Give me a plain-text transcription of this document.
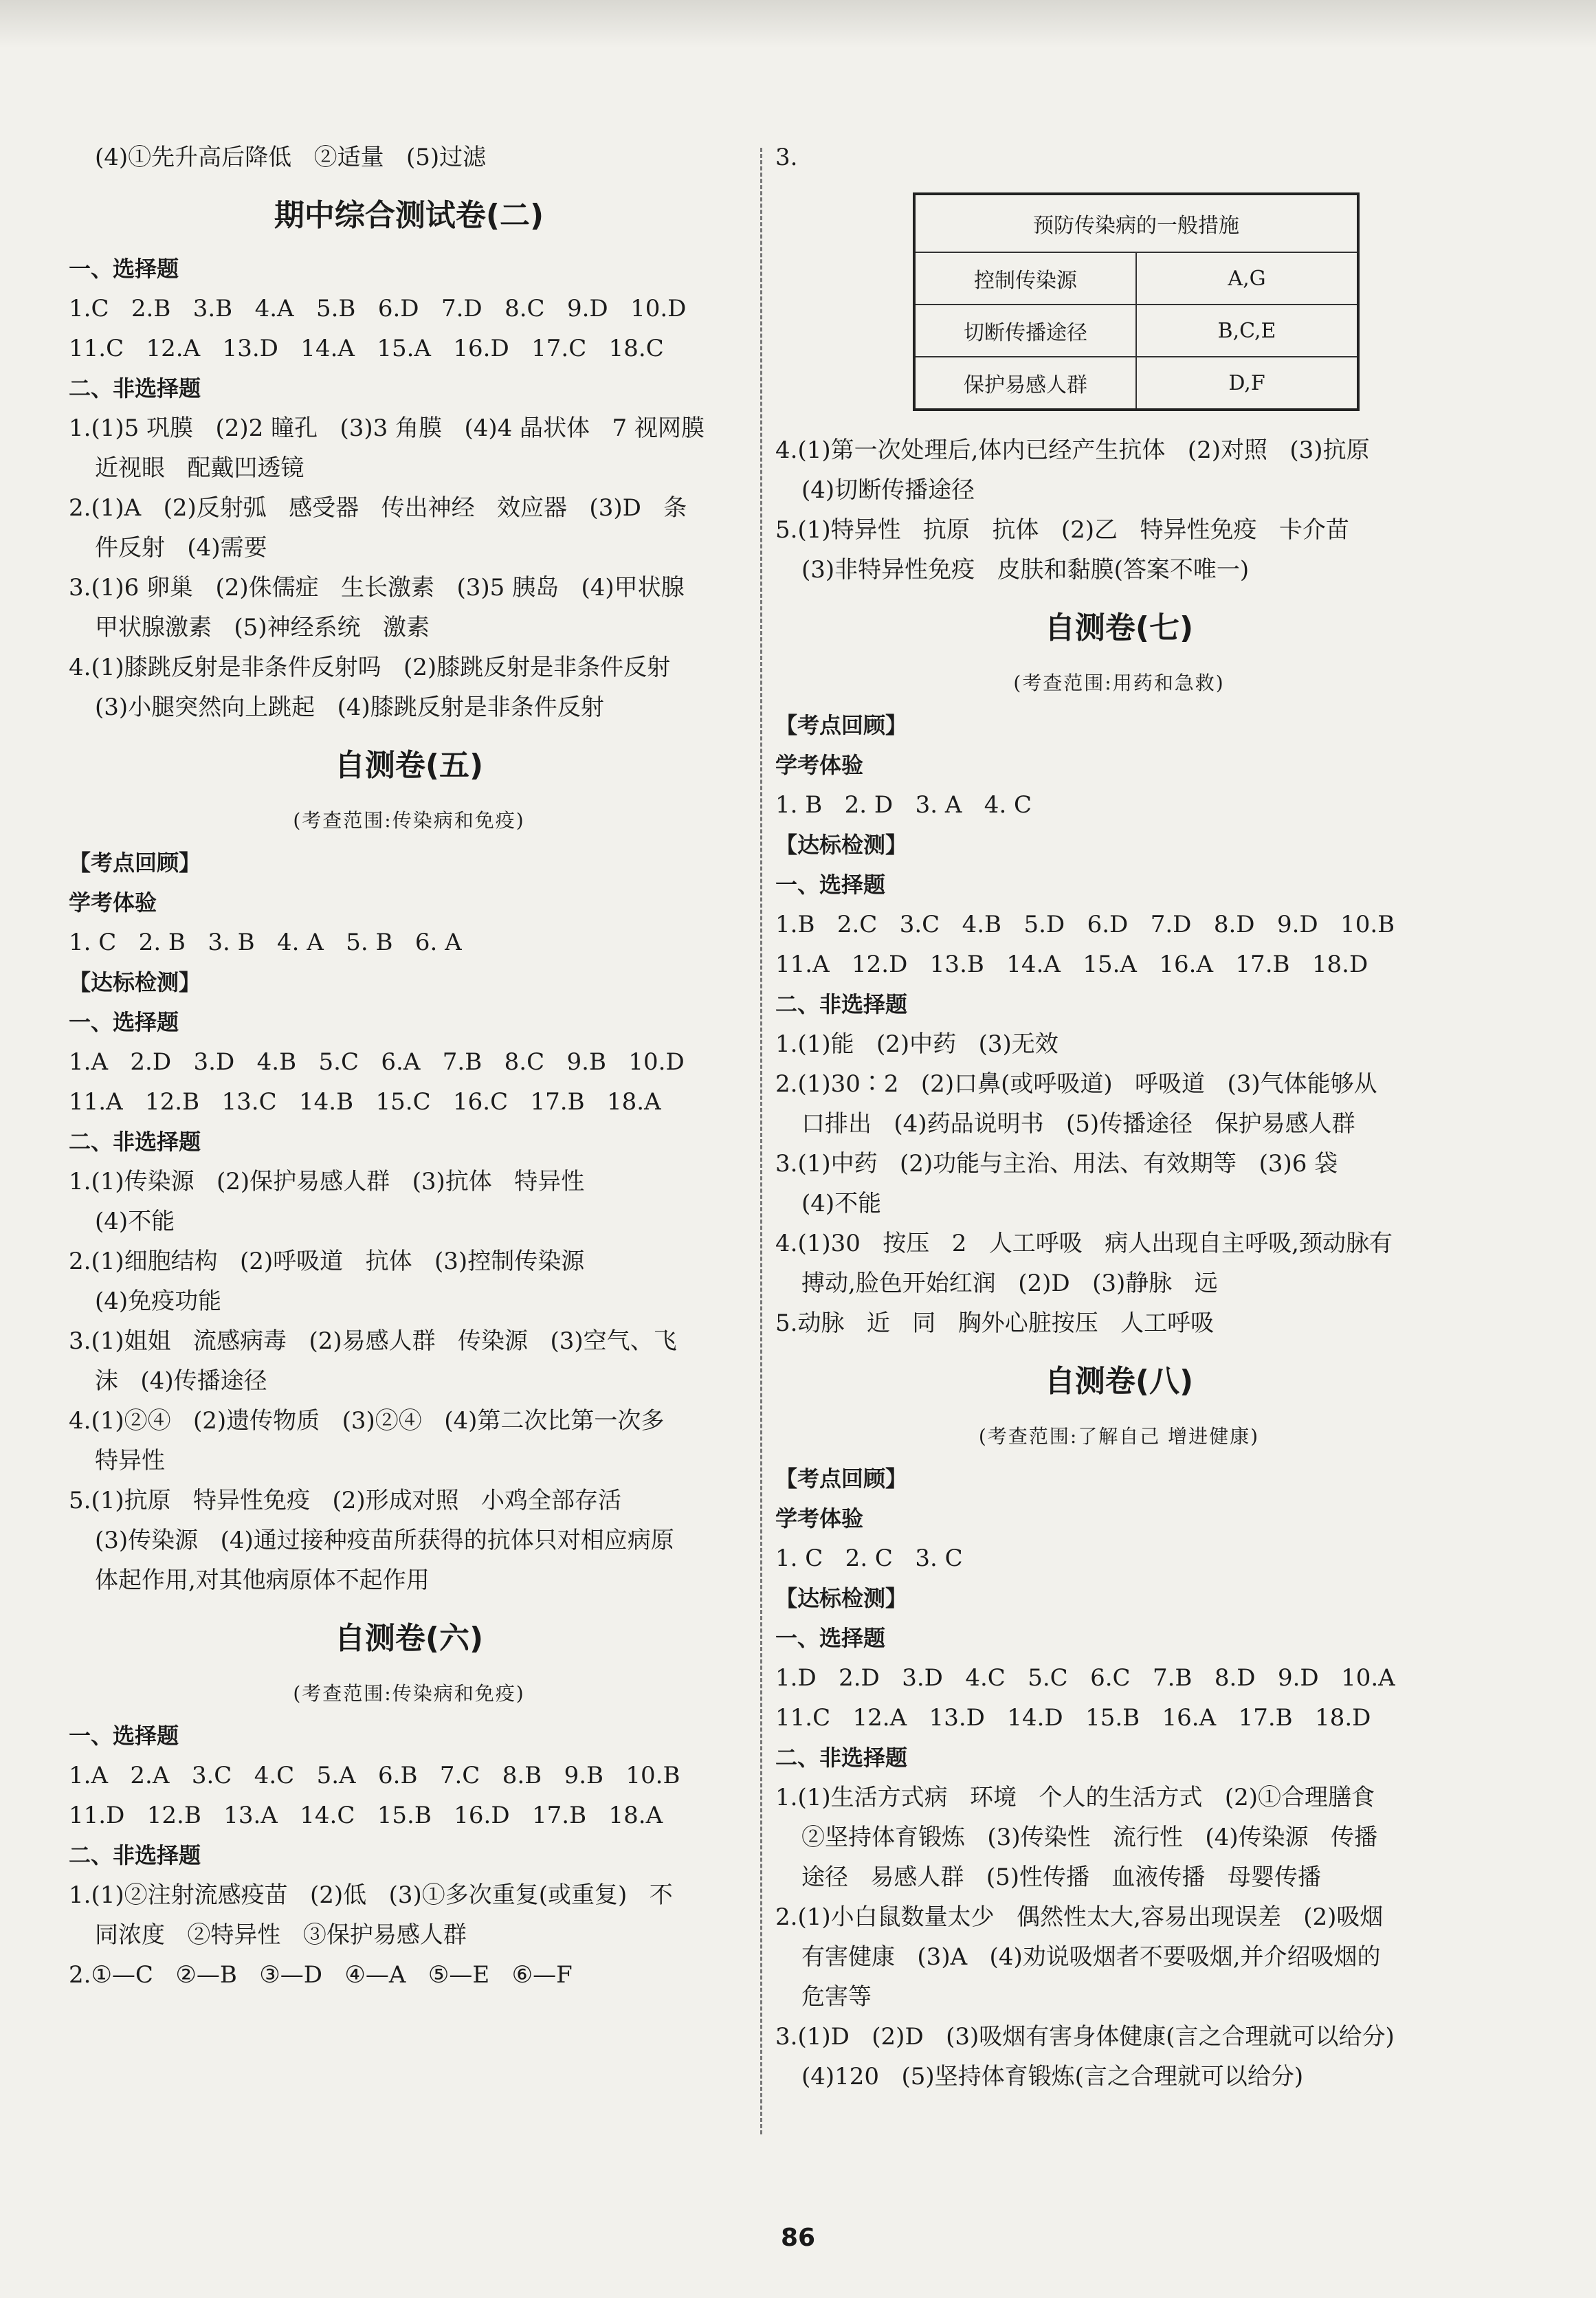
(4)①先升高后降低   ②适量   (5)过滤
期中综合测试卷(二)
一、选择题
1.C   2.B   3.B   4.A   5.B   6.D   7.D   8.C   9.D   10.D
11.C   12.A   13.D   14.A   15.A   16.D   17.C   18.C
二、非选择题
1.(1)5 巩膜   (2)2 瞳孔   (3)3 角膜   (4)4 晶状体   7 视网膜
近视眼   配戴凹透镜
2.(1)A   (2)反射弧   感受器   传出神经   效应器   (3)D   条
件反射   (4)需要
3.(1)6 卵巢   (2)侏儒症   生长激素   (3)5 胰岛   (4)甲状腺
甲状腺激素   (5)神经系统   激素
4.(1)膝跳反射是非条件反射吗   (2)膝跳反射是非条件反射
(3)小腿突然向上跳起   (4)膝跳反射是非条件反射
自测卷(五)
(考查范围:传染病和免疫)
【考点回顾】
学考体验
1. C   2. B   3. B   4. A   5. B   6. A
【达标检测】
一、选择题
1.A   2.D   3.D   4.B   5.C   6.A   7.B   8.C   9.B   10.D
11.A   12.B   13.C   14.B   15.C   16.C   17.B   18.A
二、非选择题
1.(1)传染源   (2)保护易感人群   (3)抗体   特异性
(4)不能
2.(1)细胞结构   (2)呼吸道   抗体   (3)控制传染源
(4)免疫功能
3.(1)姐姐   流感病毒   (2)易感人群   传染源   (3)空气、飞
沫   (4)传播途径
4.(1)②④   (2)遗传物质   (3)②④   (4)第二次比第一次多
特异性
5.(1)抗原   特异性免疫   (2)形成对照   小鸡全部存活
(3)传染源   (4)通过接种疫苗所获得的抗体只对相应病原
体起作用,对其他病原体不起作用
自测卷(六)
(考查范围:传染病和免疫)
一、选择题
1.A   2.A   3.C   4.C   5.A   6.B   7.C   8.B   9.B   10.B
11.D   12.B   13.A   14.C   15.B   16.D   17.B   18.A
二、非选择题
1.(1)②注射流感疫苗   (2)低   (3)①多次重复(或重复)   不
同浓度   ②特异性   ③保护易感人群
2.①—C   ②—B   ③—D   ④—A   ⑤—E   ⑥—F
3.
预防传染病的一般措施	
控制传染源	A,G
切断传播途径	B,C,E
保护易感人群	D,F
4.(1)第一次处理后,体内已经产生抗体   (2)对照   (3)抗原
(4)切断传播途径
5.(1)特异性   抗原   抗体   (2)乙   特异性免疫   卡介苗
(3)非特异性免疫   皮肤和黏膜(答案不唯一)
自测卷(七)
(考查范围:用药和急救)
【考点回顾】
学考体验
1. B   2. D   3. A   4. C
【达标检测】
一、选择题
1.B   2.C   3.C   4.B   5.D   6.D   7.D   8.D   9.D   10.B
11.A   12.D   13.B   14.A   15.A   16.A   17.B   18.D
二、非选择题
1.(1)能   (2)中药   (3)无效
2.(1)30∶2   (2)口鼻(或呼吸道)   呼吸道   (3)气体能够从
口排出   (4)药品说明书   (5)传播途径   保护易感人群
3.(1)中药   (2)功能与主治、用法、有效期等   (3)6 袋
(4)不能
4.(1)30   按压   2   人工呼吸   病人出现自主呼吸,颈动脉有
搏动,脸色开始红润   (2)D   (3)静脉   远
5.动脉   近   同   胸外心脏按压   人工呼吸
自测卷(八)
(考查范围:了解自己 增进健康)
【考点回顾】
学考体验
1. C   2. C   3. C
【达标检测】
一、选择题
1.D   2.D   3.D   4.C   5.C   6.C   7.B   8.D   9.D   10.A
11.C   12.A   13.D   14.D   15.B   16.A   17.B   18.D
二、非选择题
1.(1)生活方式病   环境   个人的生活方式   (2)①合理膳食
②坚持体育锻炼   (3)传染性   流行性   (4)传染源   传播
途径   易感人群   (5)性传播   血液传播   母婴传播
2.(1)小白鼠数量太少   偶然性太大,容易出现误差   (2)吸烟
有害健康   (3)A   (4)劝说吸烟者不要吸烟,并介绍吸烟的
危害等
3.(1)D   (2)D   (3)吸烟有害身体健康(言之合理就可以给分)
(4)120   (5)坚持体育锻炼(言之合理就可以给分)
86
